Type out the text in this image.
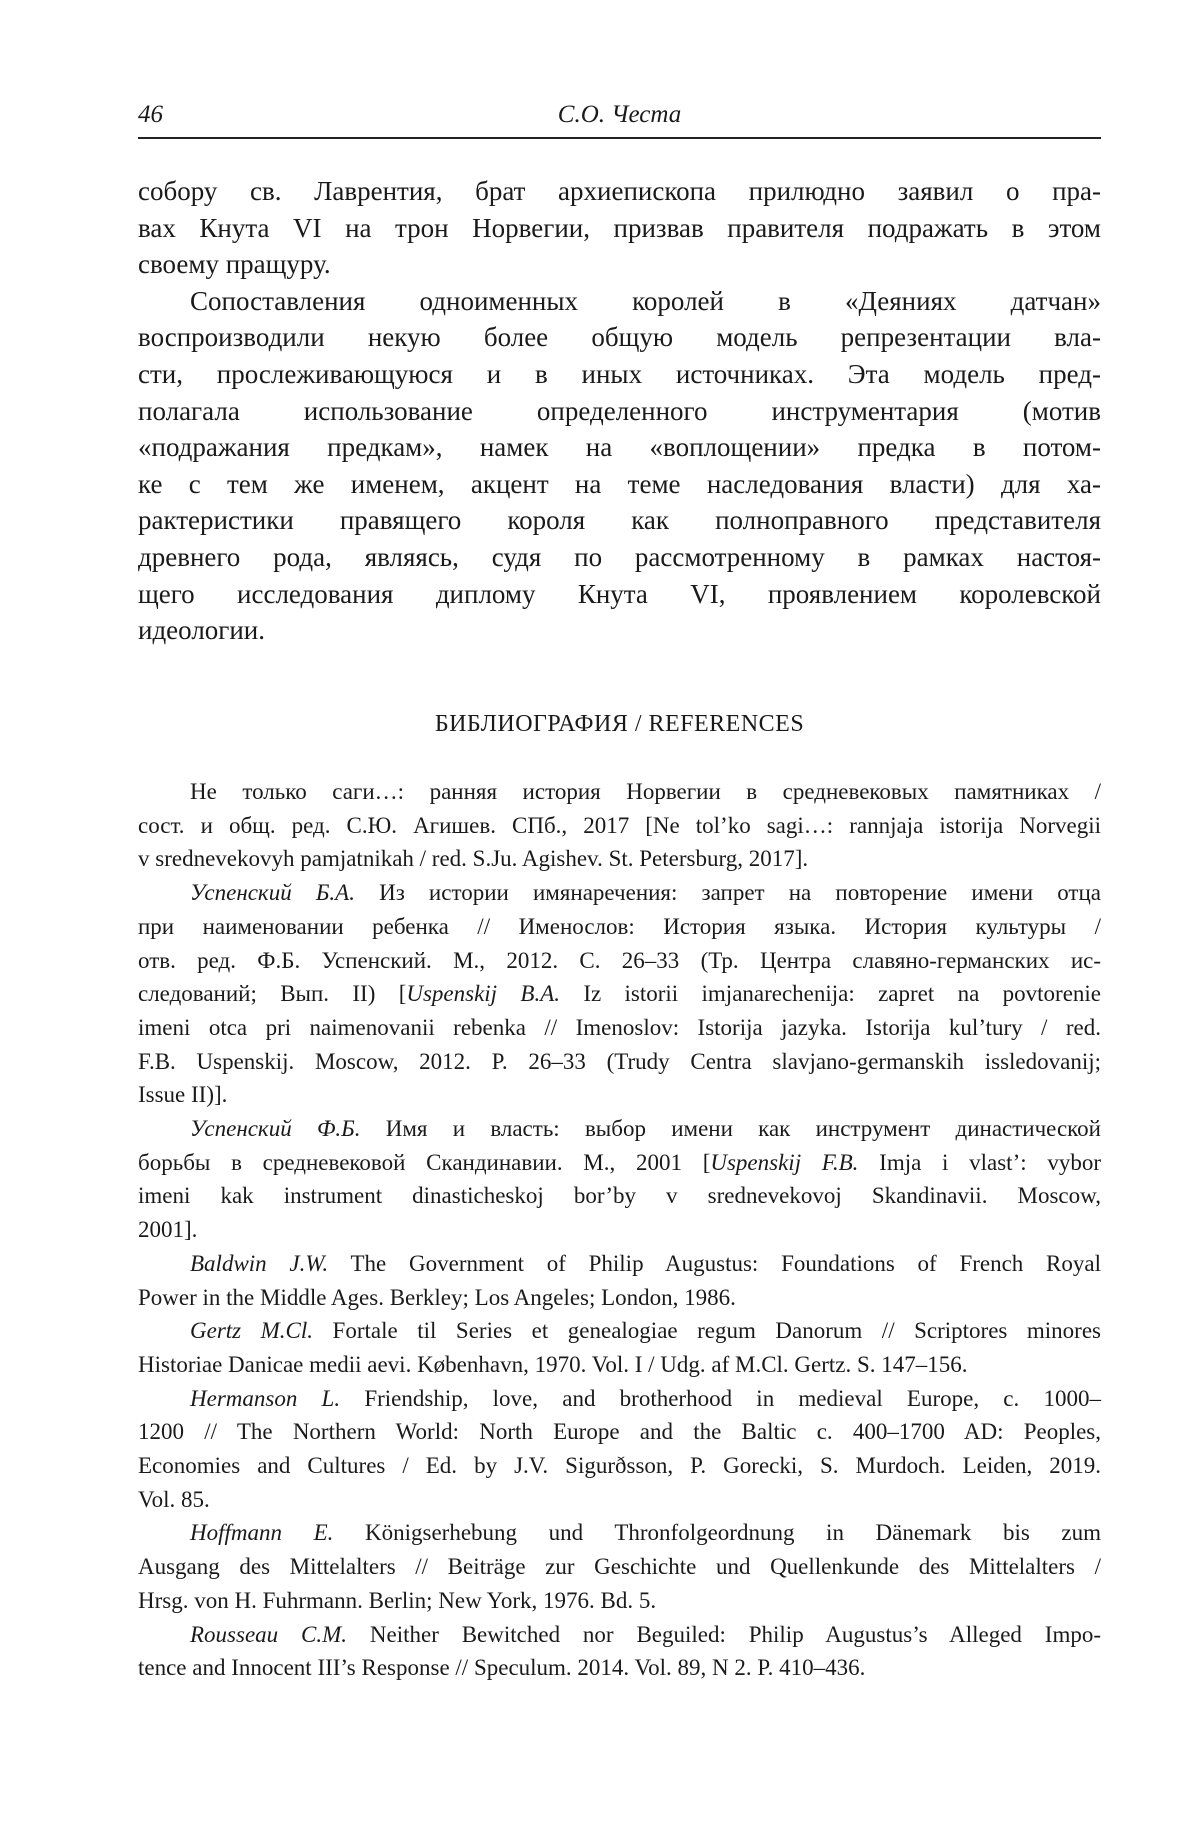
46	С.О. Честа
собору св. Лаврентия, брат архиепископа прилюдно заявил о пра-
вах Кнута VI на трон Норвегии, призвав правителя подражать в этом
своему пращуру.
Сопоставления одноименных королей в «Деяниях датчан»
воспроизводили некую более общую модель репрезентации вла-
сти, прослеживающуюся и в иных источниках. Эта модель пред-
полагала использование определенного инструментария (мотив
«подражания предкам», намек на «воплощении» предка в потом-
ке с тем же именем, акцент на теме наследования власти) для ха-
рактеристики правящего короля как полноправного представителя
древнего рода, являясь, судя по рассмотренному в рамках настоя-
щего исследования диплому Кнута VI, проявлением королевской
идеологии.
БИБЛИОГРАФИЯ / REFERENCES
Не только саги…: ранняя история Норвегии в средневековых памятниках /
сост. и общ. ред. С.Ю. Агишев. СПб., 2017 [Ne tol’ko sagi…: rannjaja istorija Norvegii
v srednevekovyh pamjatnikah / red. S.Ju. Agishev. St. Petersburg, 2017].
Успенский Б.А. Из истории имянаречения: запрет на повторение имени отца
при наименовании ребенка // Именослов: История языка. История культуры /
отв. ред. Ф.Б. Успенский. М., 2012. С. 26–33 (Тр. Центра славяно-германских ис-
следований; Вып. II) [Uspenskij B.A. Iz istorii imjanarechenija: zapret na povtorenie
imeni otca pri naimenovanii rebenka // Imenoslov: Istorija jazyka. Istorija kul’tury / red.
F.B. Uspenskij. Moscow, 2012. P. 26–33 (Trudy Centra slavjano-germanskih issledovanij;
Issue II)].
Успенский Ф.Б. Имя и власть: выбор имени как инструмент династической
борьбы в средневековой Скандинавии. М., 2001 [Uspenskij F.B. Imja i vlast’: vybor
imeni kak instrument dinasticheskoj bor’by v srednevekovoj Skandinavii. Moscow,
2001].
Baldwin J.W. The Government of Philip Augustus: Foundations of French Royal
Power in the Middle Ages. Berkley; Los Angeles; London, 1986.
Gertz M.Cl. Fortale til Series et genealogiae regum Danorum // Scriptores minores
Historiae Danicae medii aevi. København, 1970. Vol. I / Udg. af M.Cl. Gertz. S. 147–156.
Hermanson L. Friendship, love, and brotherhood in medieval Europe, c. 1000–
1200 // The Northern World: North Europe and the Baltic c. 400–1700 AD: Peoples,
Economies and Cultures / Ed. by J.V. Sigurðsson, P. Gorecki, S. Murdoch. Leiden, 2019.
Vol. 85.
Hoffmann E. Königserhebung und Thronfolgeordnung in Dänemark bis zum
Ausgang des Mittelalters // Beiträge zur Geschichte und Quellenkunde des Mittelalters /
Hrsg. von H. Fuhrmann. Berlin; New York, 1976. Bd. 5.
Rousseau C.M. Neither Bewitched nor Beguiled: Philip Augustus’s Alleged Impo-
tence and Innocent III’s Response // Speculum. 2014. Vol. 89, N 2. P. 410–436.
